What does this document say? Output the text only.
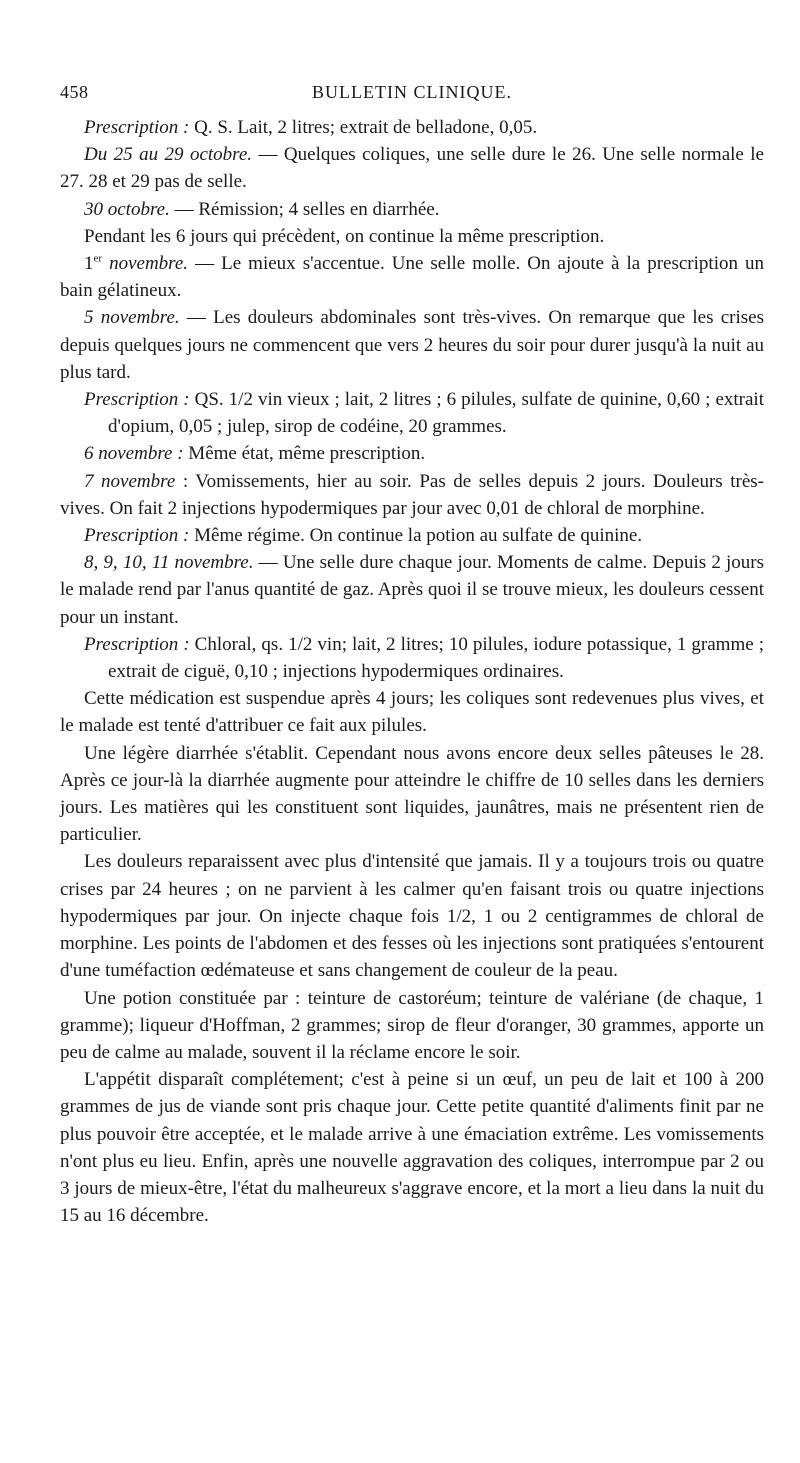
458	BULLETIN CLINIQUE.

Prescription : Q. S. Lait, 2 litres; extrait de belladone, 0,05.

Du 25 au 29 octobre. — Quelques coliques, une selle dure le 26. Une selle normale le 27. 28 et 29 pas de selle.

30 octobre. — Rémission; 4 selles en diarrhée.

Pendant les 6 jours qui précèdent, on continue la même prescription.

1er novembre. — Le mieux s'accentue. Une selle molle. On ajoute à la prescription un bain gélatineux.

5 novembre. — Les douleurs abdominales sont très-vives. On remarque que les crises depuis quelques jours ne commencent que vers 2 heures du soir pour durer jusqu'à la nuit au plus tard.

Prescription : QS. 1/2 vin vieux ; lait, 2 litres ; 6 pilules, sulfate de quinine, 0,60 ; extrait d'opium, 0,05 ; julep, sirop de codéine, 20 grammes.

6 novembre : Même état, même prescription.

7 novembre : Vomissements, hier au soir. Pas de selles depuis 2 jours. Douleurs très-vives. On fait 2 injections hypodermiques par jour avec 0,01 de chloral de morphine.

Prescription : Même régime. On continue la potion au sulfate de quinine.

8, 9, 10, 11 novembre. — Une selle dure chaque jour. Moments de calme. Depuis 2 jours le malade rend par l'anus quantité de gaz. Après quoi il se trouve mieux, les douleurs cessent pour un instant.

Prescription : Chloral, qs. 1/2 vin; lait, 2 litres; 10 pilules, iodure potassique, 1 gramme ; extrait de ciguë, 0,10 ; injections hypodermiques ordinaires.

Cette médication est suspendue après 4 jours; les coliques sont redevenues plus vives, et le malade est tenté d'attribuer ce fait aux pilules.

Une légère diarrhée s'établit. Cependant nous avons encore deux selles pâteuses le 28. Après ce jour-là la diarrhée augmente pour atteindre le chiffre de 10 selles dans les derniers jours. Les matières qui les constituent sont liquides, jaunâtres, mais ne présentent rien de particulier.

Les douleurs reparaissent avec plus d'intensité que jamais. Il y a toujours trois ou quatre crises par 24 heures ; on ne parvient à les calmer qu'en faisant trois ou quatre injections hypodermiques par jour. On injecte chaque fois 1/2, 1 ou 2 centigrammes de chloral de morphine. Les points de l'abdomen et des fesses où les injections sont pratiquées s'entourent d'une tuméfaction œdémateuse et sans changement de couleur de la peau.

Une potion constituée par : teinture de castoréum; teinture de valériane (de chaque, 1 gramme); liqueur d'Hoffman, 2 grammes; sirop de fleur d'oranger, 30 grammes, apporte un peu de calme au malade, souvent il la réclame encore le soir.

L'appétit disparaît complétement; c'est à peine si un œuf, un peu de lait et 100 à 200 grammes de jus de viande sont pris chaque jour. Cette petite quantité d'aliments finit par ne plus pouvoir être acceptée, et le malade arrive à une émaciation extrême. Les vomissements n'ont plus eu lieu. Enfin, après une nouvelle aggravation des coliques, interrompue par 2 ou 3 jours de mieux-être, l'état du malheureux s'aggrave encore, et la mort a lieu dans la nuit du 15 au 16 décembre.
